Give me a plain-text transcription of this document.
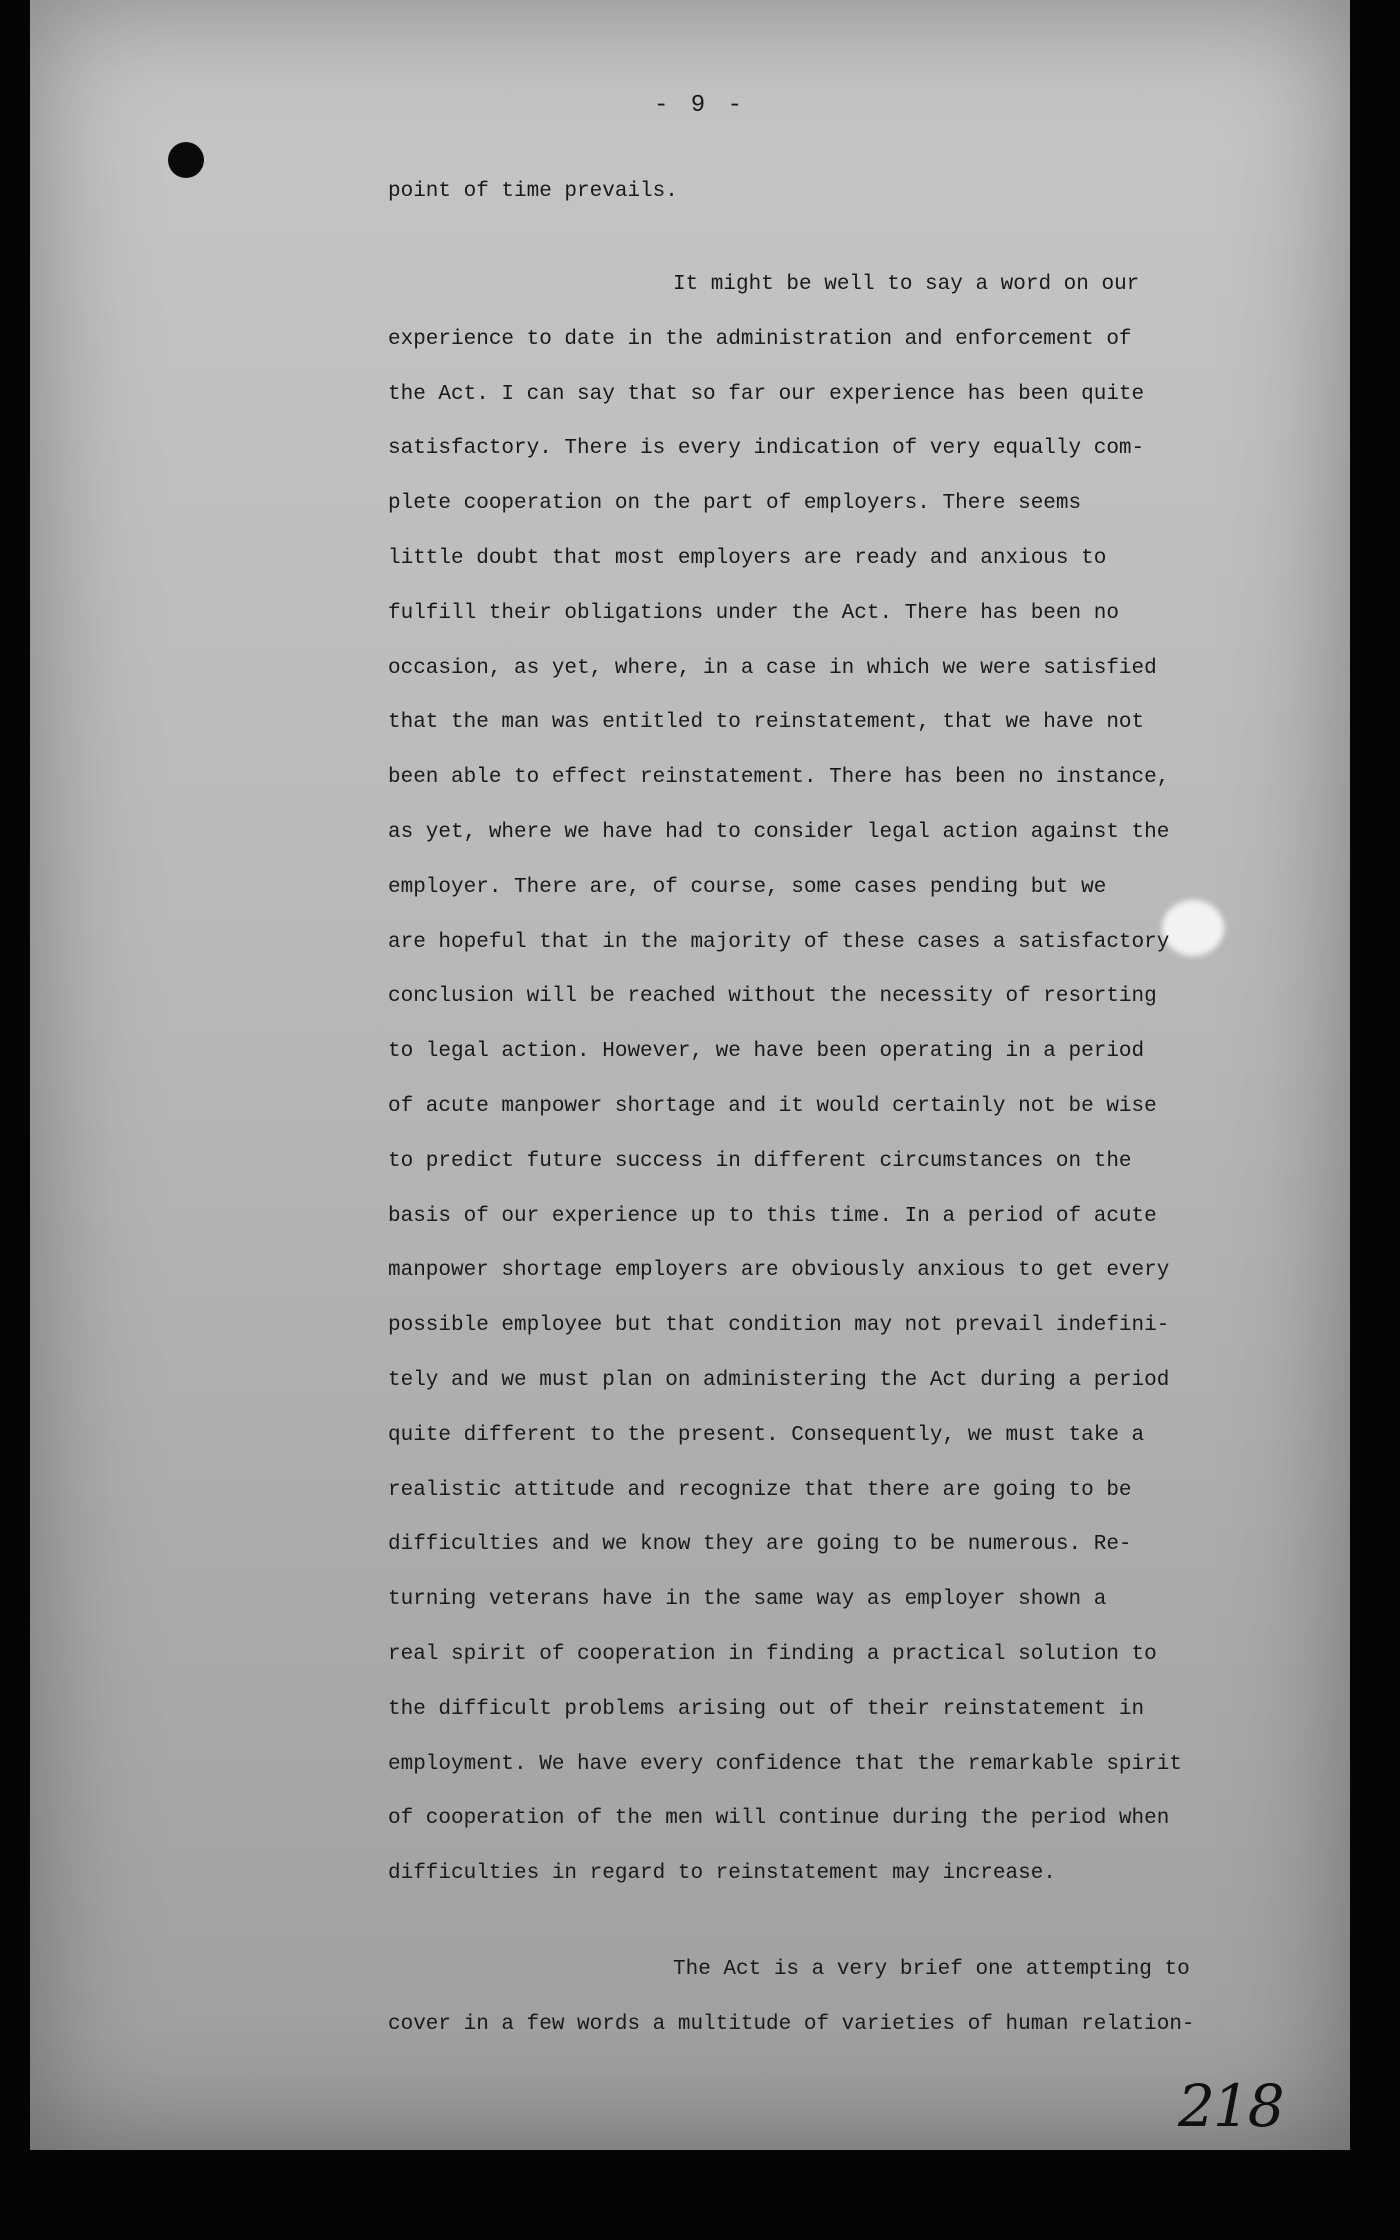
- 9 -
point of time prevails.
It might be well to say a word on our
experience to date in the administration and enforcement of
the Act. I can say that so far our experience has been quite
satisfactory. There is every indication of very equally com-
plete cooperation on the part of employers. There seems
little doubt that most employers are ready and anxious to
fulfill their obligations under the Act. There has been no
occasion, as yet, where, in a case in which we were satisfied
that the man was entitled to reinstatement, that we have not
been able to effect reinstatement. There has been no instance,
as yet, where we have had to consider legal action against the
employer. There are, of course, some cases pending but we
are hopeful that in the majority of these cases a satisfactory
conclusion will be reached without the necessity of resorting
to legal action. However, we have been operating in a period
of acute manpower shortage and it would certainly not be wise
to predict future success in different circumstances on the
basis of our experience up to this time. In a period of acute
manpower shortage employers are obviously anxious to get every
possible employee but that condition may not prevail indefini-
tely and we must plan on administering the Act during a period
quite different to the present. Consequently, we must take a
realistic attitude and recognize that there are going to be
difficulties and we know they are going to be numerous. Re-
turning veterans have in the same way as employer shown a
real spirit of cooperation in finding a practical solution to
the difficult problems arising out of their reinstatement in
employment. We have every confidence that the remarkable spirit
of cooperation of the men will continue during the period when
difficulties in regard to reinstatement may increase.
The Act is a very brief one attempting to
cover in a few words a multitude of varieties of human relation-
218
